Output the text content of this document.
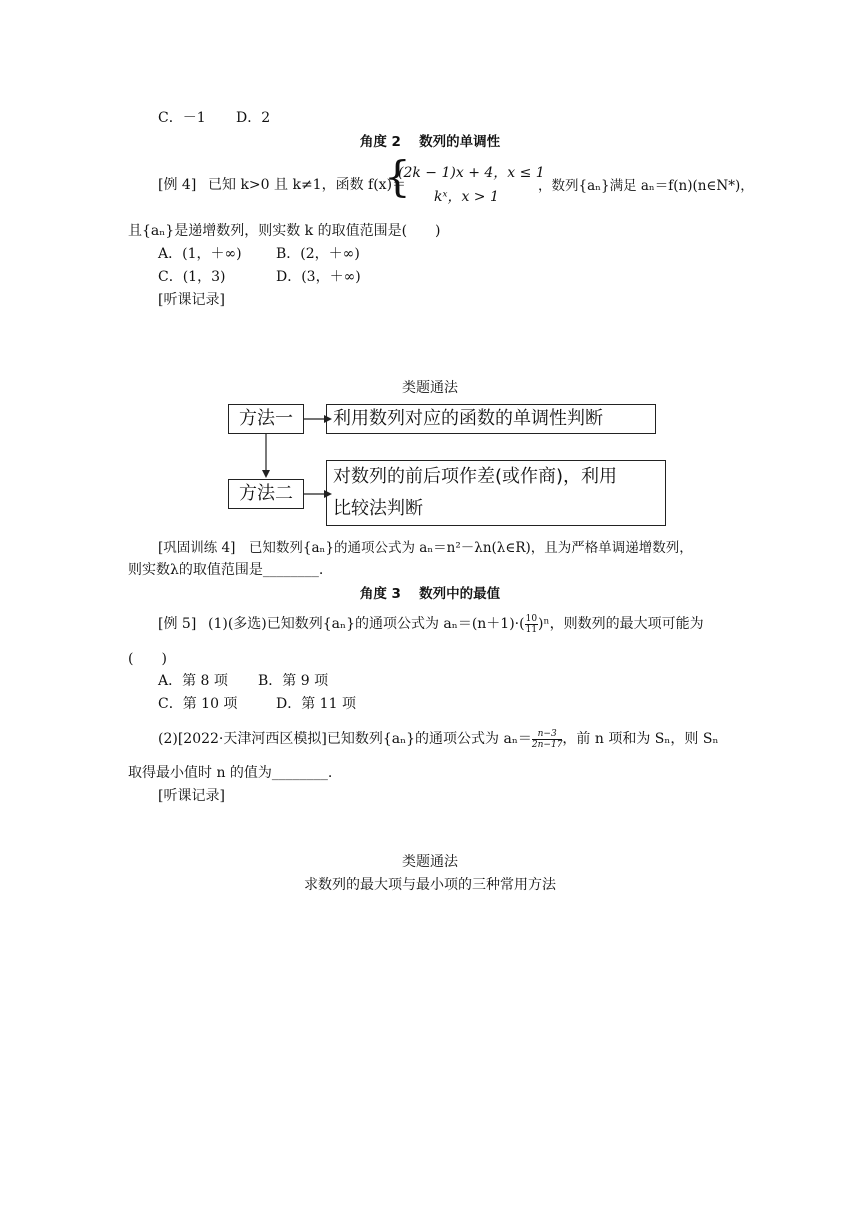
C．－1 D．2
角度 2　 数列的单调性
[例 4] 已知 k>0 且 k≠1，函数 f(x)＝
{
(2k − 1)x + 4，x ≤ 1
kˣ，x > 1
，数列{aₙ}满足 aₙ＝f(n)(n∈N*)，
且{aₙ}是递增数列，则实数 k 的取值范围是(　　)
A．(1，＋∞) B．(2，＋∞)
C．(1，3)	D．(3，＋∞)
[听课记录]
类题通法
方法一	利用数列对应的函数的单调性判断
方法二
对数列的前后项作差(或作商)，利用
比较法判断
[巩固训练 4]　已知数列{aₙ}的通项公式为 aₙ＝n²－λn(λ∈R)，且为严格单调递增数列，
则实数λ的取值范围是________.
角度 3　 数列中的最值
[例 5] (1)(多选)已知数列{aₙ}的通项公式为 $a_n=(n+1)\cdot( \frac{10}{11} )^n$，则数列的最大项可能为
(　　)
A．第 8 项 B．第 9 项
C．第 10 项	D．第 11 项
(2)[2022·天津河西区模拟]已知数列{aₙ}的通项公式为 $a_n= \frac{n-3}{2n-17}$ ，前 n 项和为 Sₙ，则 Sₙ
取得最小值时 n 的值为________.
[听课记录]
类题通法
求数列的最大项与最小项的三种常用方法
